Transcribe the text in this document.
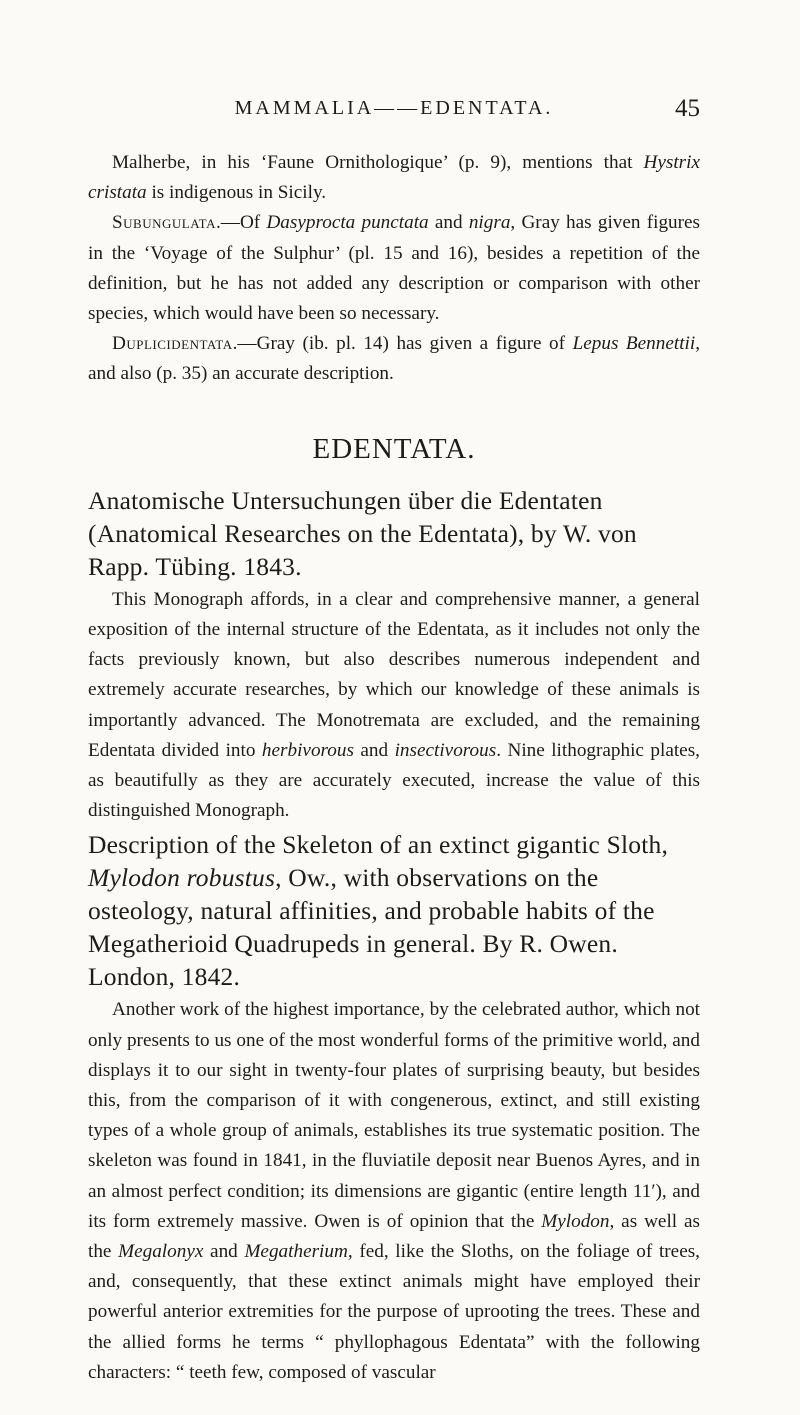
MAMMALIA——EDENTATA.	45

Malherbe, in his ‘Faune Ornithologique’ (p. 9), mentions that Hystrix cristata is indigenous in Sicily.

Subungulata.—Of Dasyprocta punctata and nigra, Gray has given figures in the ‘Voyage of the Sulphur’ (pl. 15 and 16), besides a repetition of the definition, but he has not added any description or comparison with other species, which would have been so necessary.

Duplicidentata.—Gray (ib. pl. 14) has given a figure of Lepus Bennettii, and also (p. 35) an accurate description.

EDENTATA.

Anatomische Untersuchungen über die Edentaten (Anatomical Researches on the Edentata), by W. von Rapp. Tübing. 1843.

This Monograph affords, in a clear and comprehensive manner, a general exposition of the internal structure of the Edentata, as it includes not only the facts previously known, but also describes numerous independent and extremely accurate researches, by which our knowledge of these animals is importantly advanced. The Monotremata are excluded, and the remaining Edentata divided into herbivorous and insectivorous. Nine lithographic plates, as beautifully as they are accurately executed, increase the value of this distinguished Monograph.

Description of the Skeleton of an extinct gigantic Sloth, Mylodon robustus, Ow., with observations on the osteology, natural affinities, and probable habits of the Megatherioid Quadrupeds in general. By R. Owen. London, 1842.

Another work of the highest importance, by the celebrated author, which not only presents to us one of the most wonderful forms of the primitive world, and displays it to our sight in twenty-four plates of surprising beauty, but besides this, from the comparison of it with congenerous, extinct, and still existing types of a whole group of animals, establishes its true systematic position. The skeleton was found in 1841, in the fluviatile deposit near Buenos Ayres, and in an almost perfect condition; its dimensions are gigantic (entire length 11′), and its form extremely massive. Owen is of opinion that the Mylodon, as well as the Megalonyx and Megatherium, fed, like the Sloths, on the foliage of trees, and, consequently, that these extinct animals might have employed their powerful anterior extremities for the purpose of uprooting the trees. These and the allied forms he terms “ phyllophagous Edentata” with the following characters: “ teeth few, composed of vascular
